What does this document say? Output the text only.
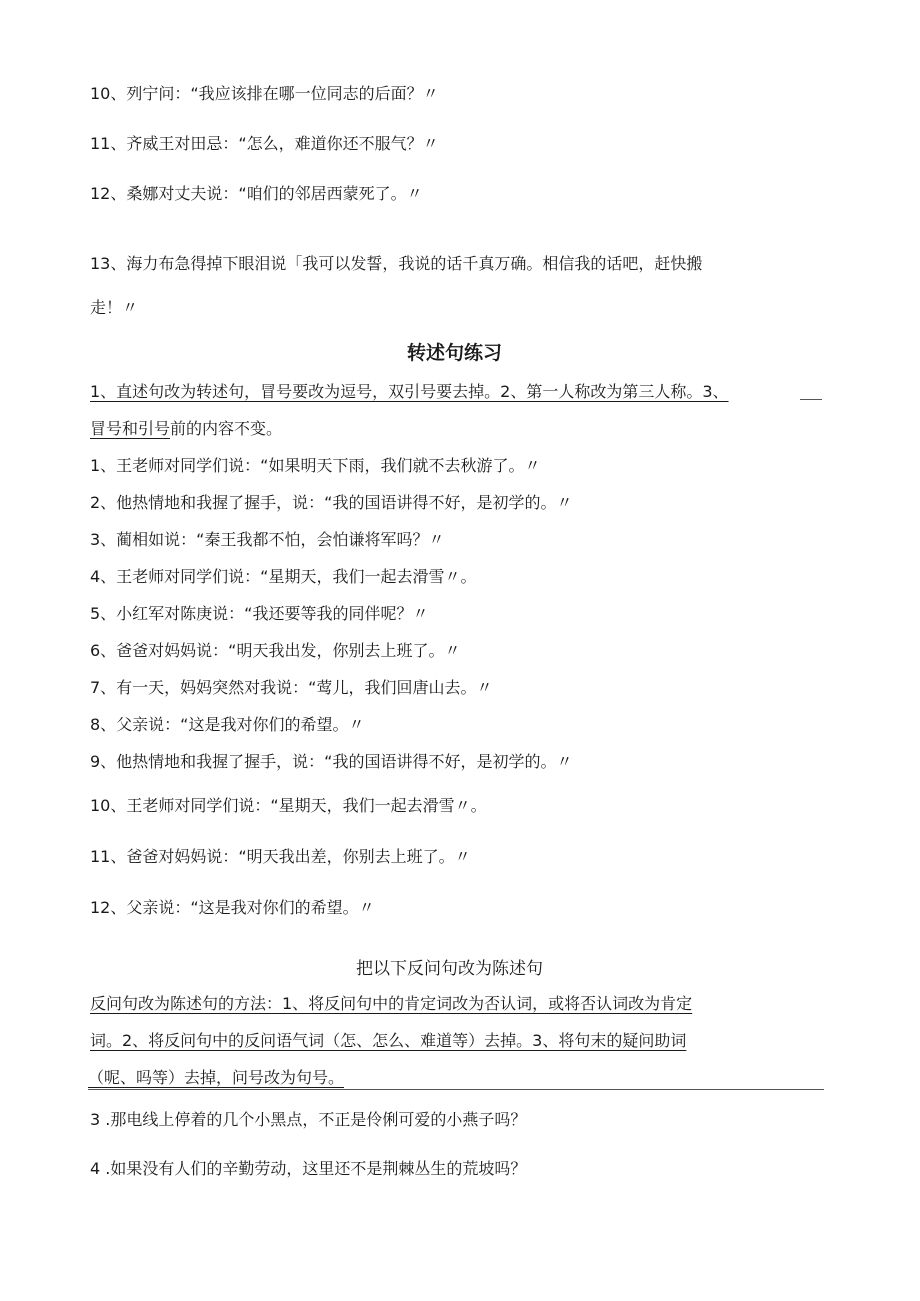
10、列宁问：“我应该排在哪一位同志的后面？〃
11、齐威王对田忌：“怎么，难道你还不服气？〃
12、桑娜对丈夫说：“咱们的邻居西蒙死了。〃
13、海力布急得掉下眼泪说「我可以发誓，我说的话千真万确。相信我的话吧，赶快搬
走！〃
转述句练习
1、直述句改为转述句，冒号要改为逗号，双引号要去掉。2、第一人称改为第三人称。3、
冒号和引号前的内容不变。
1、王老师对同学们说：“如果明天下雨，我们就不去秋游了。〃
2、他热情地和我握了握手，说：“我的国语讲得不好，是初学的。〃
3、蔺相如说：“秦王我都不怕，会怕谦将军吗？〃
4、王老师对同学们说：“星期天，我们一起去滑雪〃。
5、小红军对陈庚说：“我还要等我的同伴呢？〃
6、爸爸对妈妈说：“明天我出发，你别去上班了。〃
7、有一天，妈妈突然对我说：“莺儿，我们回唐山去。〃
8、父亲说：“这是我对你们的希望。〃
9、他热情地和我握了握手，说：“我的国语讲得不好，是初学的。〃
10、王老师对同学们说：“星期天，我们一起去滑雪〃。
11、爸爸对妈妈说：“明天我出差，你别去上班了。〃
12、父亲说：“这是我对你们的希望。〃
把以下反问句改为陈述句
反问句改为陈述句的方法：1、将反问句中的肯定词改为否认词，或将否认词改为肯定
词。2、将反问句中的反问语气词（怎、怎么、难道等）去掉。3、将句末的疑问助词
（呢、吗等）去掉，问号改为句号。
3 .那电线上停着的几个小黑点，不正是伶俐可爱的小燕子吗？
4 .如果没有人们的辛勤劳动，这里还不是荆棘丛生的荒坡吗？
